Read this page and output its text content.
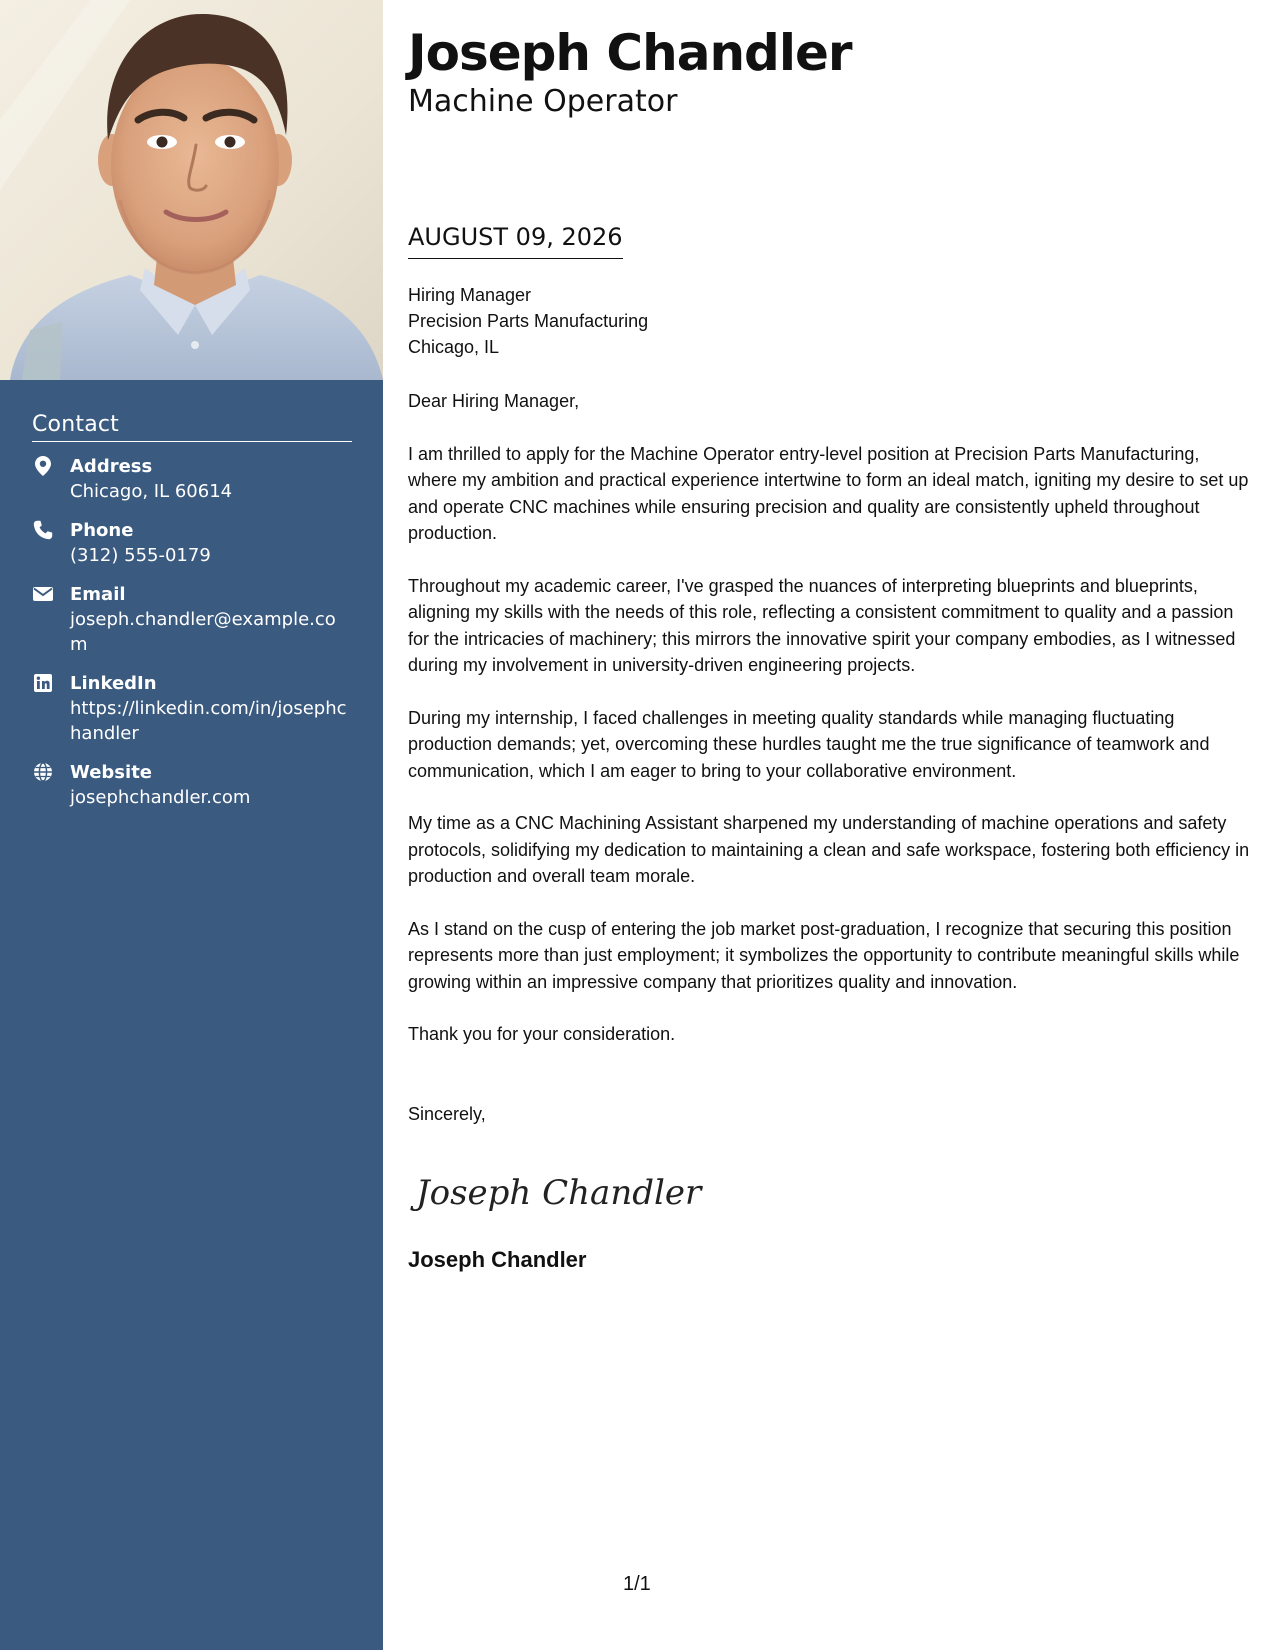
Contact
Address
Chicago, IL 60614
Phone
(312) 555-0179
Email
joseph.chandler@example.com
LinkedIn
https://linkedin.com/in/josephchandler
Website
josephchandler.com
Joseph Chandler
Machine Operator
AUGUST 09, 2026
Hiring Manager
Precision Parts Manufacturing
Chicago, IL

Dear Hiring Manager,

I am thrilled to apply for the Machine Operator entry-level position at Precision Parts Manufacturing, where my ambition and practical experience intertwine to form an ideal match, igniting my desire to set up and operate CNC machines while ensuring precision and quality are consistently upheld throughout production.

Throughout my academic career, I've grasped the nuances of interpreting blueprints and blueprints, aligning my skills with the needs of this role, reflecting a consistent commitment to quality and a passion for the intricacies of machinery; this mirrors the innovative spirit your company embodies, as I witnessed during my involvement in university-driven engineering projects.

During my internship, I faced challenges in meeting quality standards while managing fluctuating production demands; yet, overcoming these hurdles taught me the true significance of teamwork and communication, which I am eager to bring to your collaborative environment.

My time as a CNC Machining Assistant sharpened my understanding of machine operations and safety protocols, solidifying my dedication to maintaining a clean and safe workspace, fostering both efficiency in production and overall team morale.

As I stand on the cusp of entering the job market post-graduation, I recognize that securing this position represents more than just employment; it symbolizes the opportunity to contribute meaningful skills while growing within an impressive company that prioritizes quality and innovation.

Thank you for your consideration.

Sincerely,
Joseph Chandler
Joseph Chandler
1/1
